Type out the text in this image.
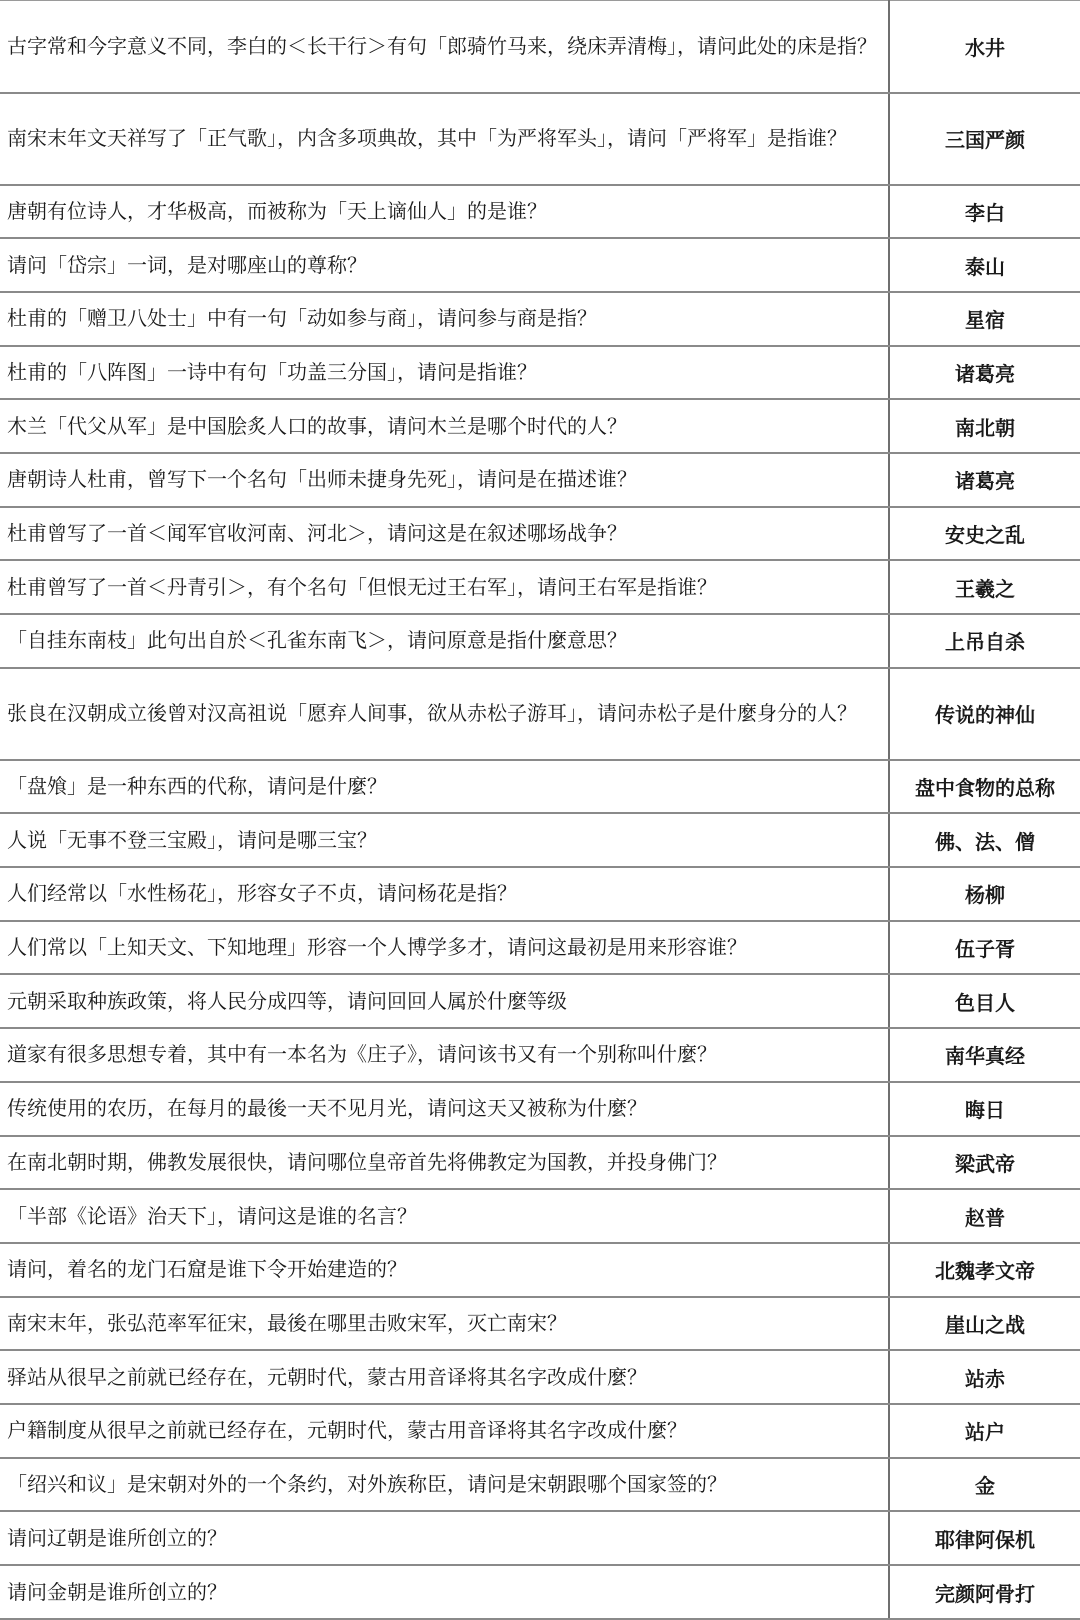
古字常和今字意义不同，李白的＜长干行＞有句「郎骑竹马来，绕床弄清梅」，请问此处的床是指？	水井
南宋末年文天祥写了「正气歌」，内含多项典故，其中「为严将军头」，请问「严将军」是指谁？	三国严颜
唐朝有位诗人，才华极高，而被称为「天上谪仙人」的是谁？	李白
请问「岱宗」一词，是对哪座山的尊称？	泰山
杜甫的「赠卫八处士」中有一句「动如参与商」，请问参与商是指？	星宿
杜甫的「八阵图」一诗中有句「功盖三分国」，请问是指谁？	诸葛亮
木兰「代父从军」是中国脍炙人口的故事，请问木兰是哪个时代的人？	南北朝
唐朝诗人杜甫，曾写下一个名句「出师未捷身先死」，请问是在描述谁？	诸葛亮
杜甫曾写了一首＜闻军官收河南、河北＞，请问这是在叙述哪场战争？	安史之乱
杜甫曾写了一首＜丹青引＞，有个名句「但恨无过王右军」，请问王右军是指谁？	王羲之
「自挂东南枝」此句出自於＜孔雀东南飞＞，请问原意是指什麼意思？	上吊自杀
张良在汉朝成立後曾对汉高祖说「愿弃人间事，欲从赤松子游耳」，请问赤松子是什麼身分的人？	传说的神仙
「盘飧」是一种东西的代称，请问是什麼？	盘中食物的总称
人说「无事不登三宝殿」，请问是哪三宝？	佛、法、僧
人们经常以「水性杨花」，形容女子不贞，请问杨花是指？	杨柳
人们常以「上知天文、下知地理」形容一个人博学多才，请问这最初是用来形容谁？	伍子胥
元朝采取种族政策，将人民分成四等，请问回回人属於什麼等级	色目人
道家有很多思想专着，其中有一本名为《庄子》，请问该书又有一个别称叫什麼？	南华真经
传统使用的农历，在每月的最後一天不见月光，请问这天又被称为什麼？	晦日
在南北朝时期，佛教发展很快，请问哪位皇帝首先将佛教定为国教，并投身佛门？	梁武帝
「半部《论语》治天下」，请问这是谁的名言？	赵普
请问，着名的龙门石窟是谁下令开始建造的？	北魏孝文帝
南宋末年，张弘范率军征宋，最後在哪里击败宋军，灭亡南宋？	崖山之战
驿站从很早之前就已经存在，元朝时代，蒙古用音译将其名字改成什麼？	站赤
户籍制度从很早之前就已经存在，元朝时代，蒙古用音译将其名字改成什麼？	站户
「绍兴和议」是宋朝对外的一个条约，对外族称臣，请问是宋朝跟哪个国家签的？	金
请问辽朝是谁所创立的？	耶律阿保机
请问金朝是谁所创立的？	完颜阿骨打
